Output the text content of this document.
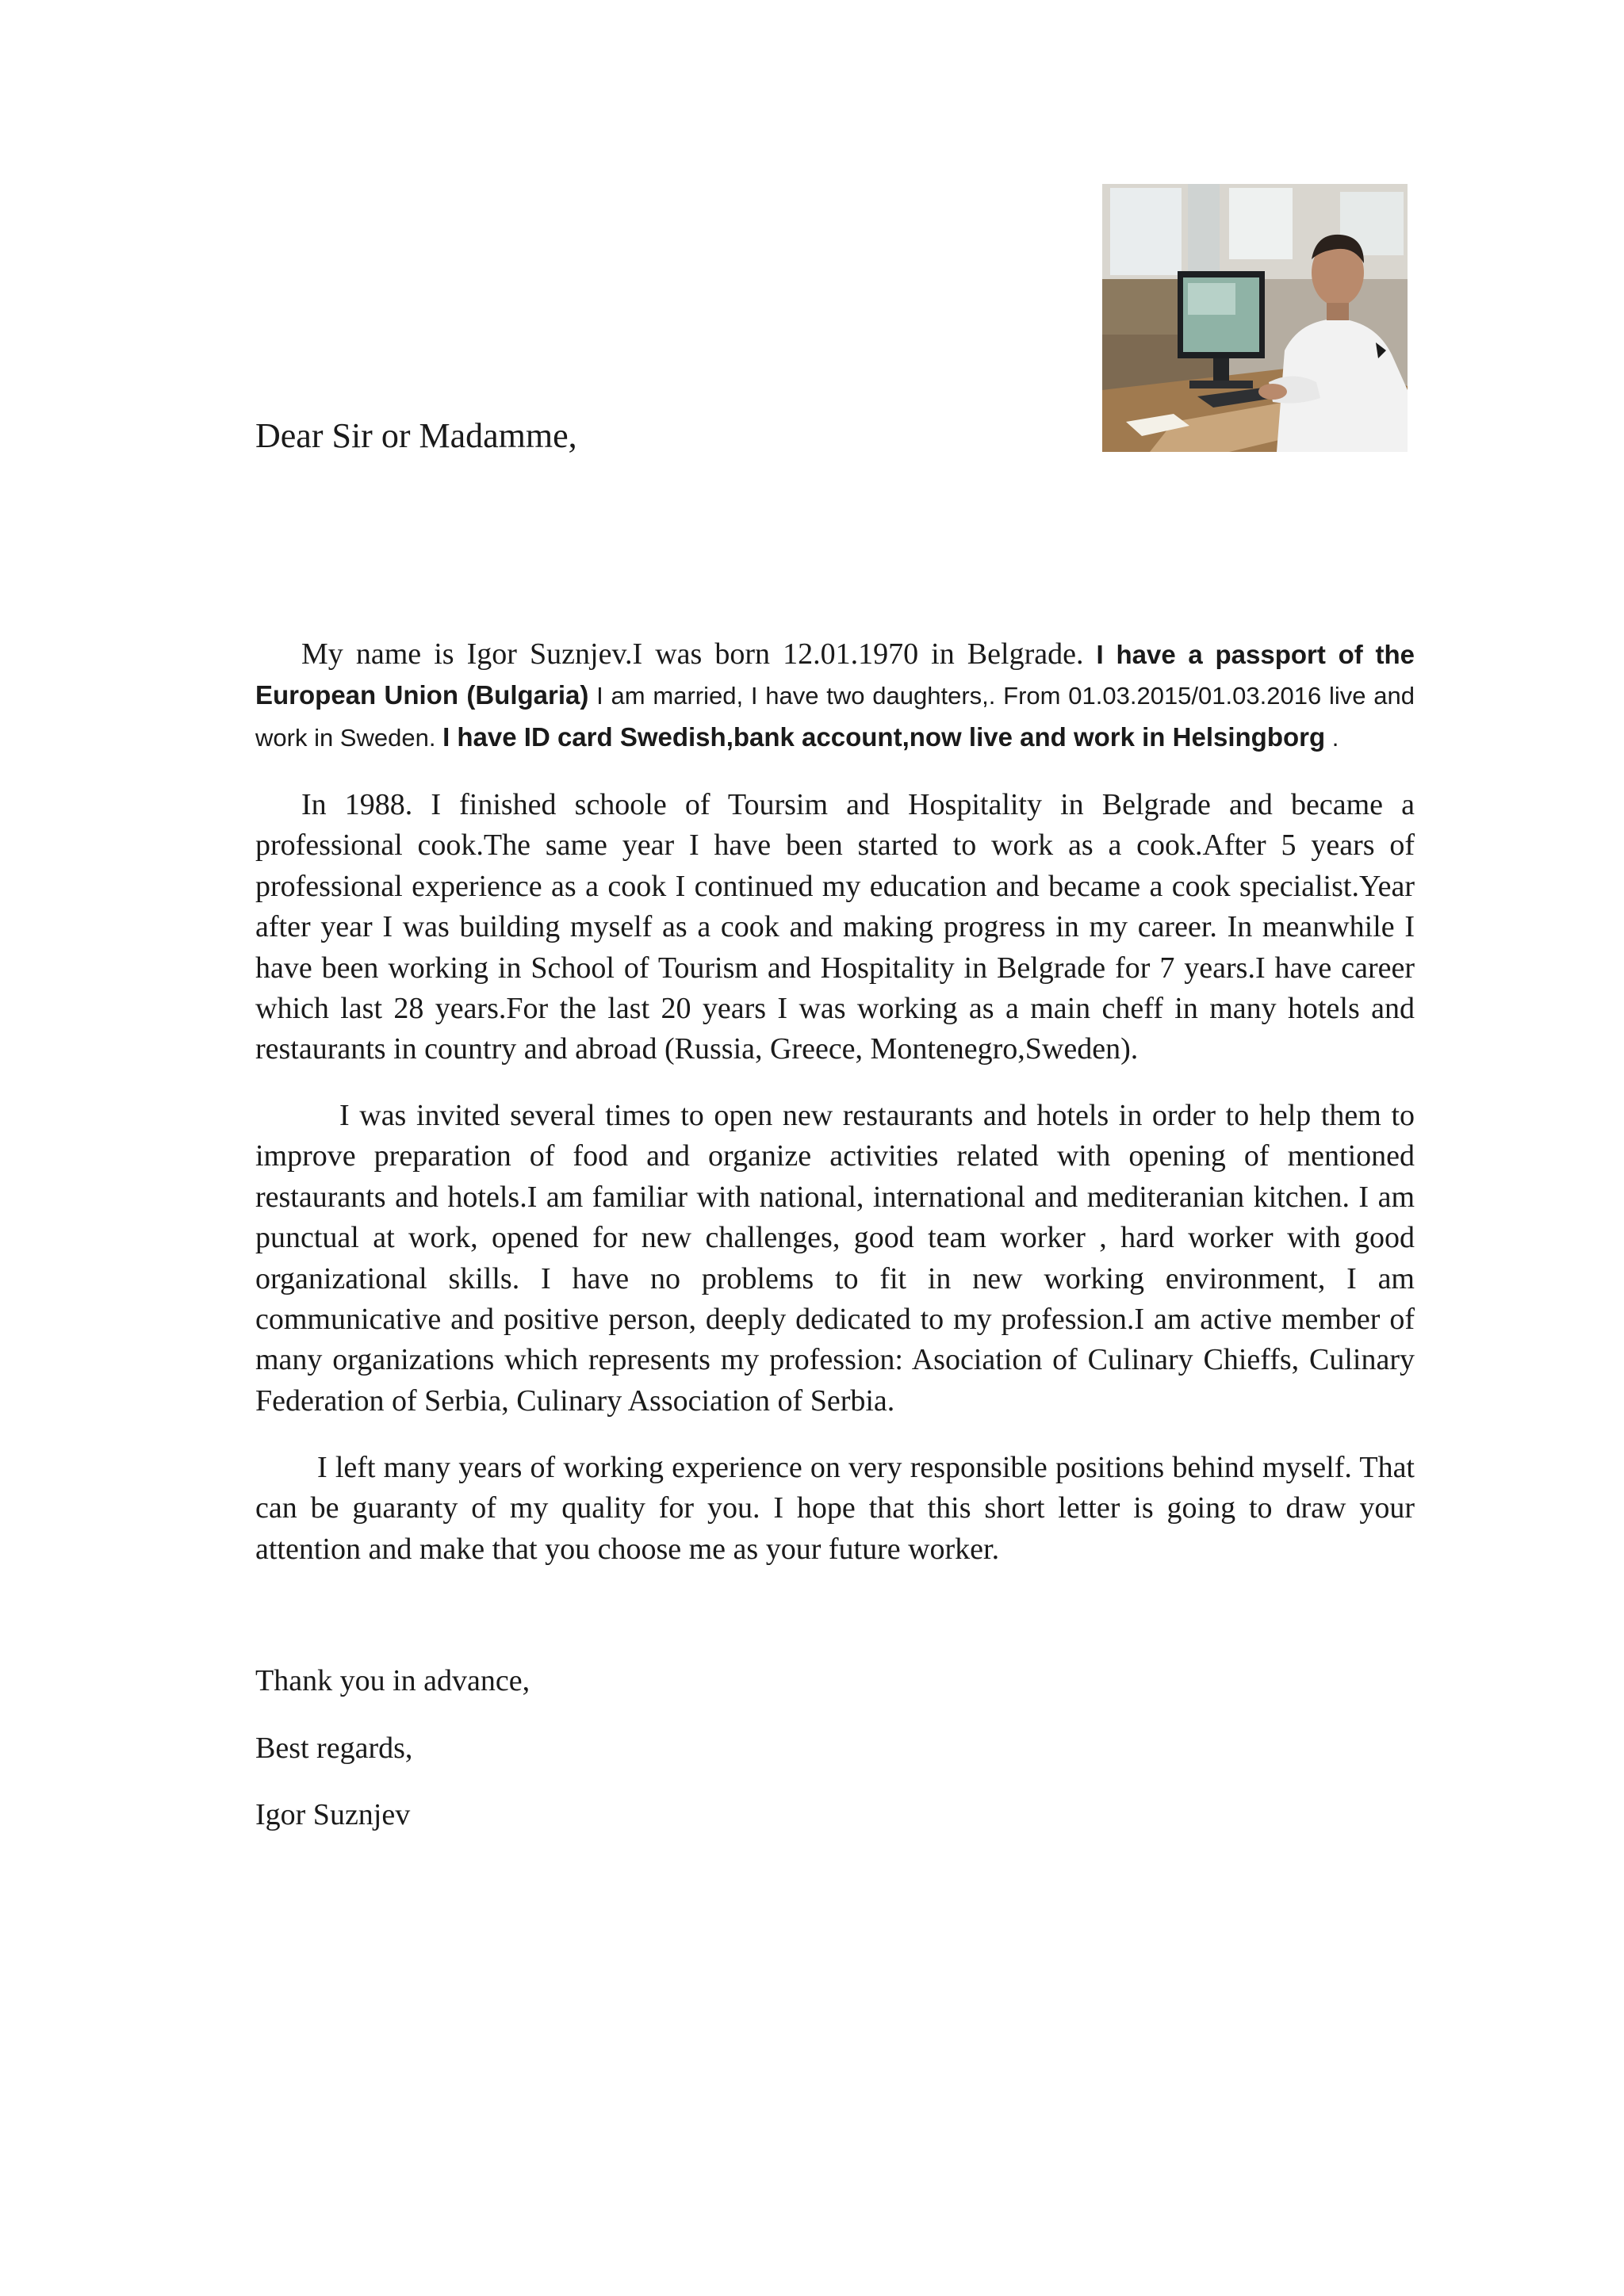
Dear Sir or Madamme,

My name is Igor Suznjev.I was born 12.01.1970 in Belgrade. I have a passport of the European Union (Bulgaria) I am married, I have two daughters,. From 01.03.2015/01.03.2016 live and work in Sweden. I have ID card Swedish,bank account,now live and work in Helsingborg .

In 1988. I finished schoole of Toursim and Hospitality in Belgrade and became a professional cook.The same year I have been started to work as a cook.After 5 years of professional experience as a cook I continued my education and became a cook specialist.Year after year I was building myself as a cook and making progress in my career. In meanwhile I have been working in School of Tourism and Hospitality in Belgrade for 7 years.I have career which last 28 years.For the last 20 years I was working as a main cheff in many hotels and restaurants in country and abroad (Russia, Greece, Montenegro,Sweden).

I was invited several times to open new restaurants and hotels in order to help them to improve preparation of food and organize activities related with opening of mentioned restaurants and hotels.I am familiar with national, international and mediteranian kitchen. I am punctual at work, opened for new challenges, good team worker , hard worker with good organizational skills. I have no problems to fit in new working environment, I am communicative and positive person, deeply dedicated to my profession.I am active member of many organizations which represents my profession: Asociation of Culinary Chieffs, Culinary Federation of Serbia, Culinary Association of Serbia.

I left many years of working experience on very responsible positions behind myself. That can be guaranty of my quality for you. I hope that this short letter is going to draw your attention and make that you choose me as your future worker.

Thank you in advance,

Best regards,

Igor Suznjev
